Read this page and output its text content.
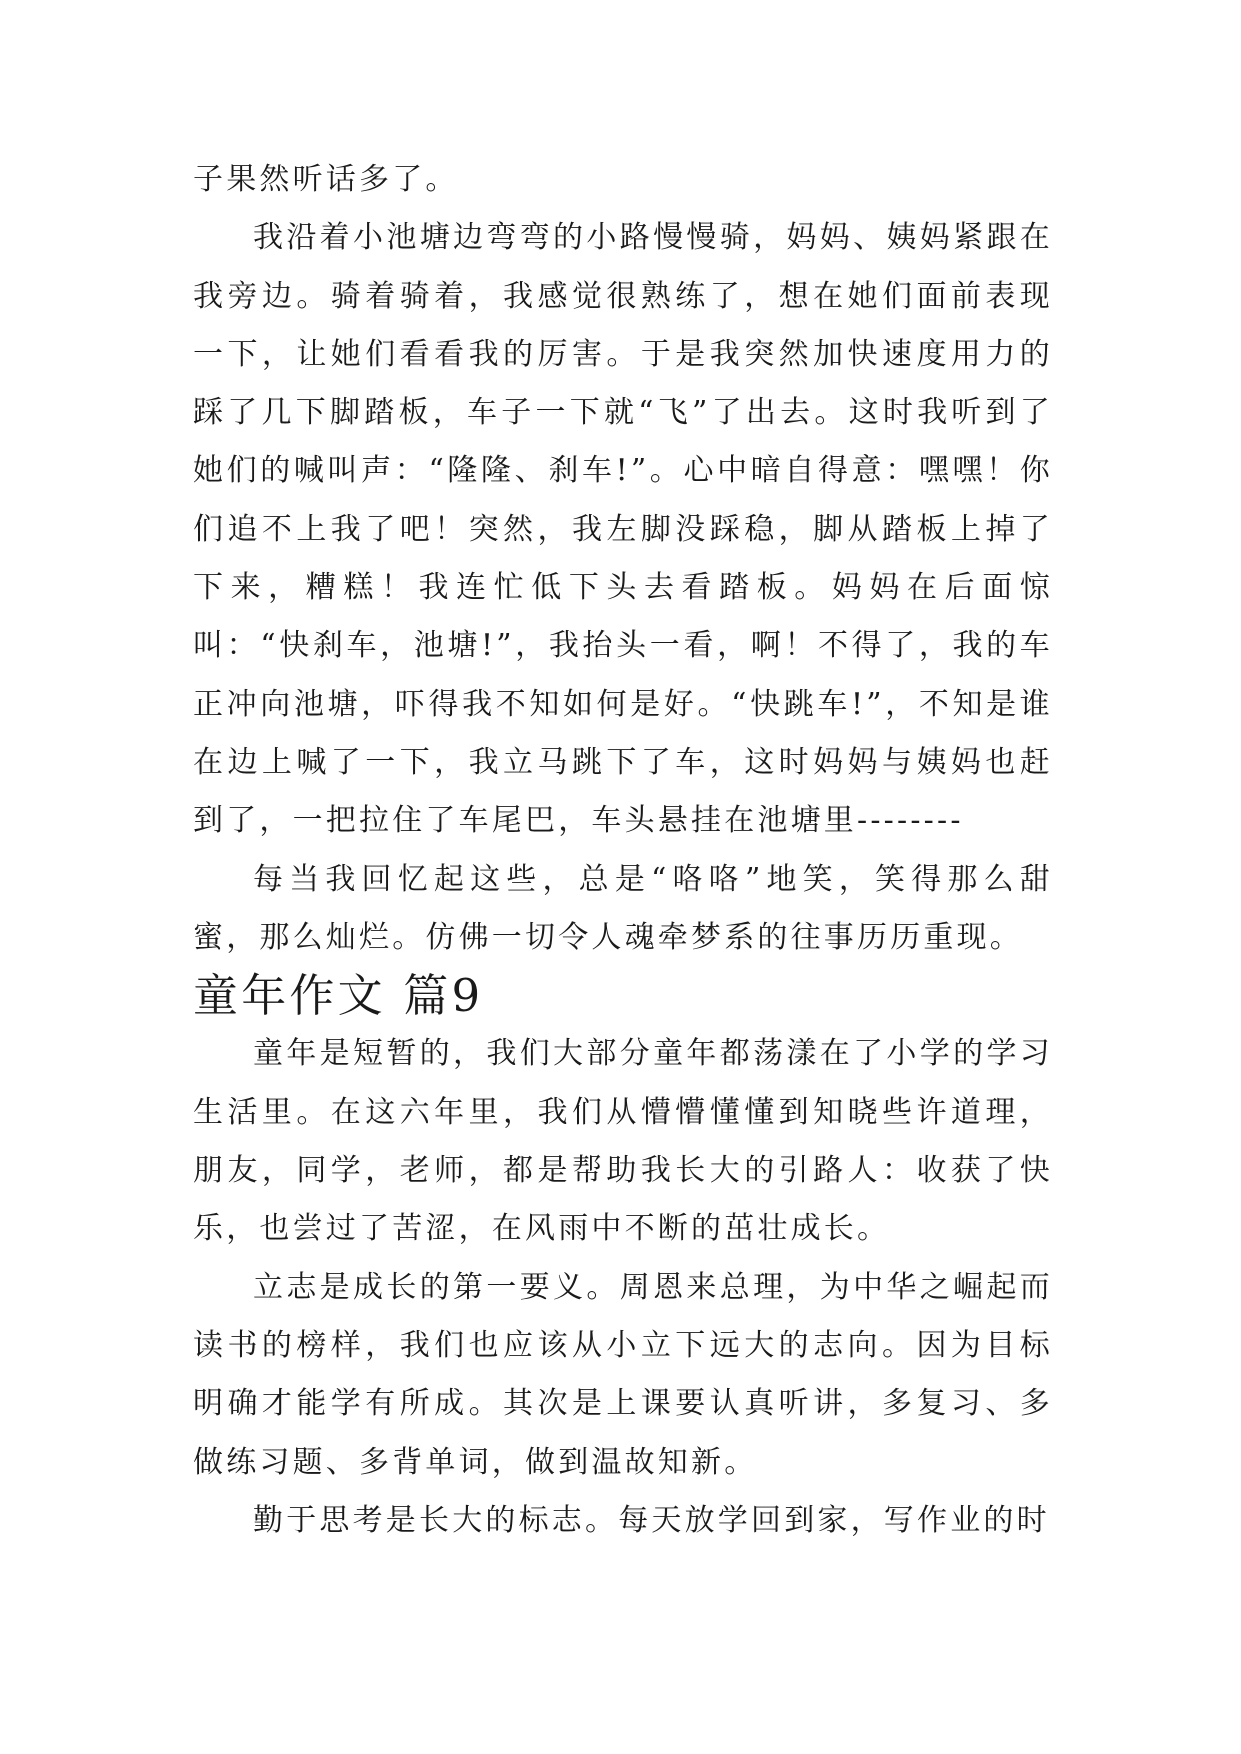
子果然听话多了。

我沿着小池塘边弯弯的小路慢慢骑，妈妈、姨妈紧跟在我旁边。骑着骑着，我感觉很熟练了，想在她们面前表现一下，让她们看看我的厉害。于是我突然加快速度用力的踩了几下脚踏板，车子一下就“飞”了出去。这时我听到了她们的喊叫声：“隆隆、刹车!”。心中暗自得意：嘿嘿！你们追不上我了吧！突然，我左脚没踩稳，脚从踏板上掉了下来，糟糕！我连忙低下头去看踏板。妈妈在后面惊叫：“快刹车，池塘!”，我抬头一看，啊！不得了，我的车正冲向池塘，吓得我不知如何是好。“快跳车!”，不知是谁在边上喊了一下，我立马跳下了车，这时妈妈与姨妈也赶到了，一把拉住了车尾巴，车头悬挂在池塘里--------

每当我回忆起这些，总是“咯咯”地笑，笑得那么甜蜜，那么灿烂。仿佛一切令人魂牵梦系的往事历历重现。

童年作文 篇9

童年是短暂的，我们大部分童年都荡漾在了小学的学习生活里。在这六年里，我们从懵懵懂懂到知晓些许道理，朋友，同学，老师，都是帮助我长大的引路人：收获了快乐，也尝过了苦涩，在风雨中不断的茁壮成长。

立志是成长的第一要义。周恩来总理，为中华之崛起而读书的榜样，我们也应该从小立下远大的志向。因为目标明确才能学有所成。其次是上课要认真听讲，多复习、多做练习题、多背单词，做到温故知新。

勤于思考是长大的标志。每天放学回到家，写作业的时
